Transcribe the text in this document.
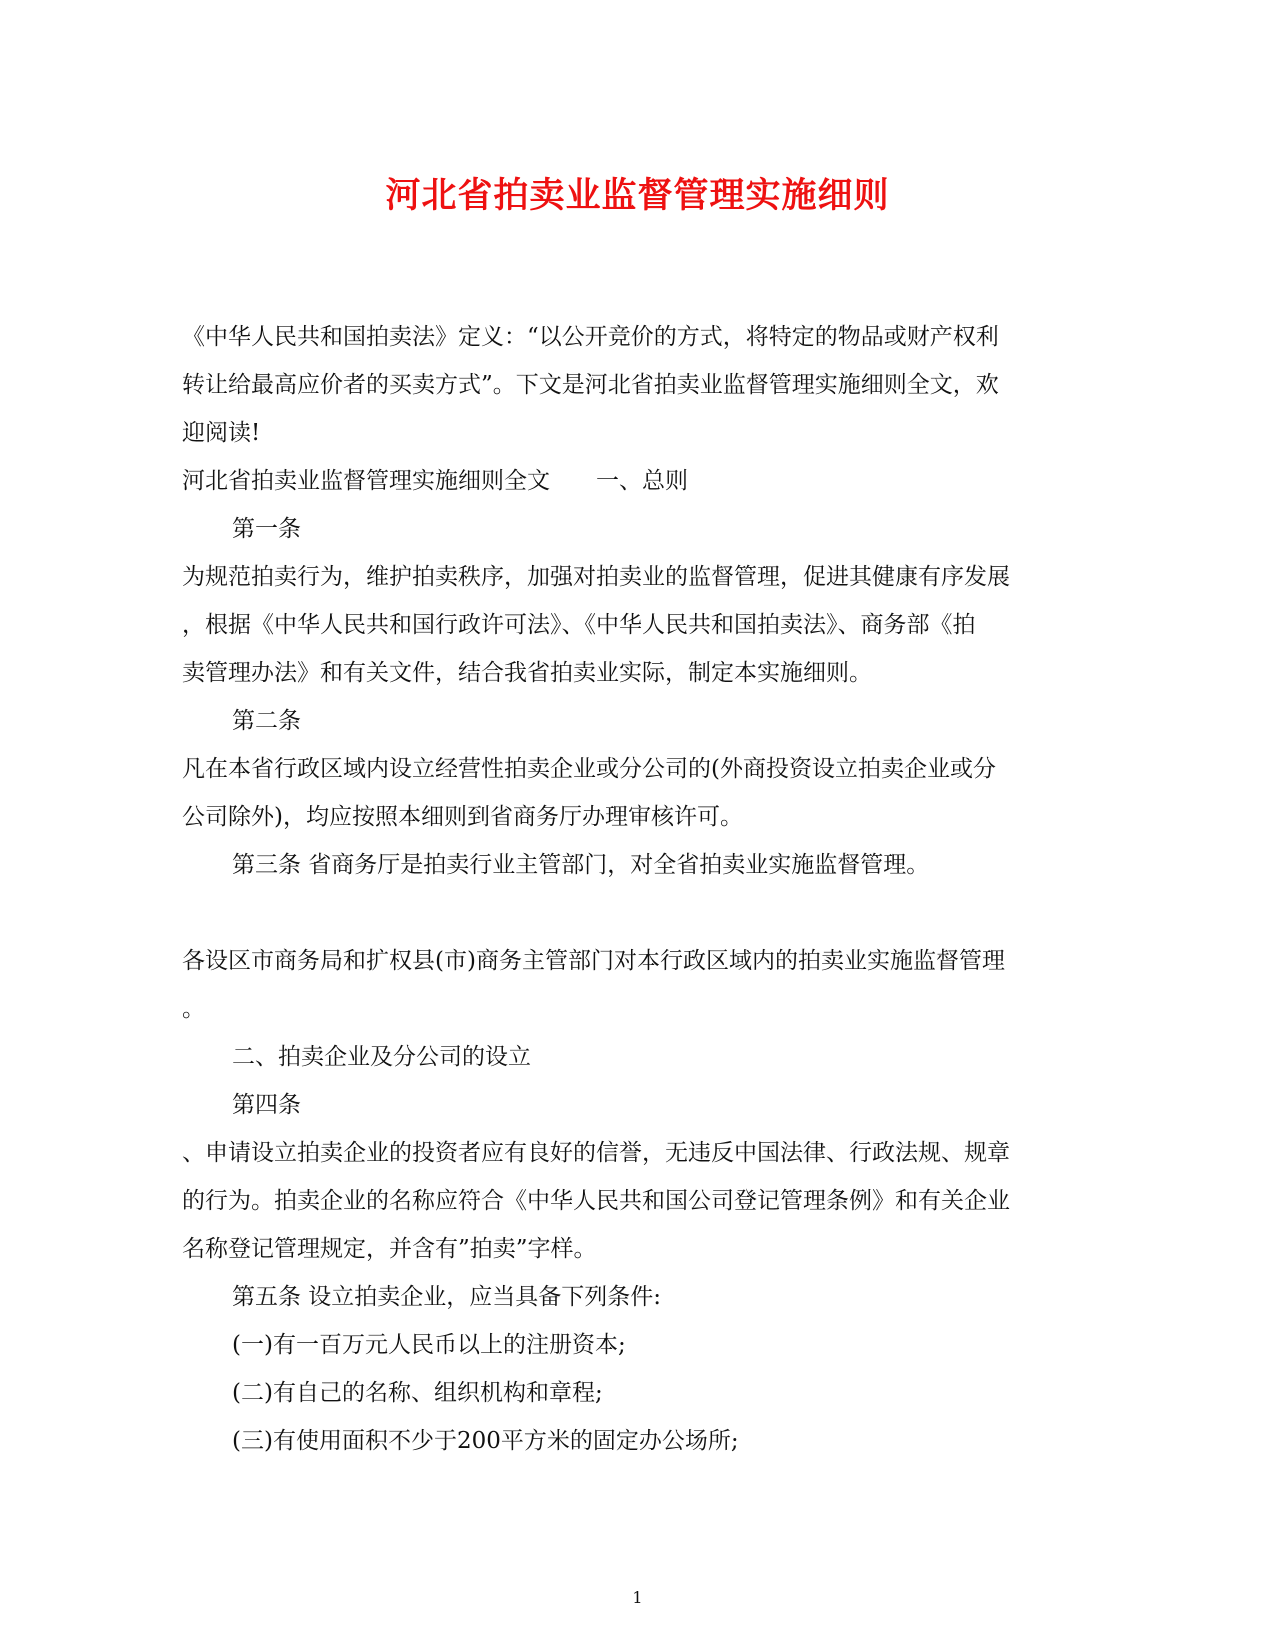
河北省拍卖业监督管理实施细则

《中华人民共和国拍卖法》定义：“以公开竞价的方式，将特定的物品或财产权利

转让给最高应价者的买卖方式”。下文是河北省拍卖业监督管理实施细则全文，欢

迎阅读!

河北省拍卖业监督管理实施细则全文　　一、总则

第一条

为规范拍卖行为，维护拍卖秩序，加强对拍卖业的监督管理，促进其健康有序发展

，根据《中华人民共和国行政许可法》、《中华人民共和国拍卖法》、商务部《拍

卖管理办法》和有关文件，结合我省拍卖业实际，制定本实施细则。

第二条

凡在本省行政区域内设立经营性拍卖企业或分公司的(外商投资设立拍卖企业或分

公司除外)，均应按照本细则到省商务厅办理审核许可。

第三条 省商务厅是拍卖行业主管部门，对全省拍卖业实施监督管理。

各设区市商务局和扩权县(市)商务主管部门对本行政区域内的拍卖业实施监督管理

。

二、拍卖企业及分公司的设立

第四条

、申请设立拍卖企业的投资者应有良好的信誉，无违反中国法律、行政法规、规章

的行为。拍卖企业的名称应符合《中华人民共和国公司登记管理条例》和有关企业

名称登记管理规定，并含有”拍卖”字样。

第五条 设立拍卖企业，应当具备下列条件:

(一)有一百万元人民币以上的注册资本;

(二)有自己的名称、组织机构和章程;

(三)有使用面积不少于200平方米的固定办公场所;

1
